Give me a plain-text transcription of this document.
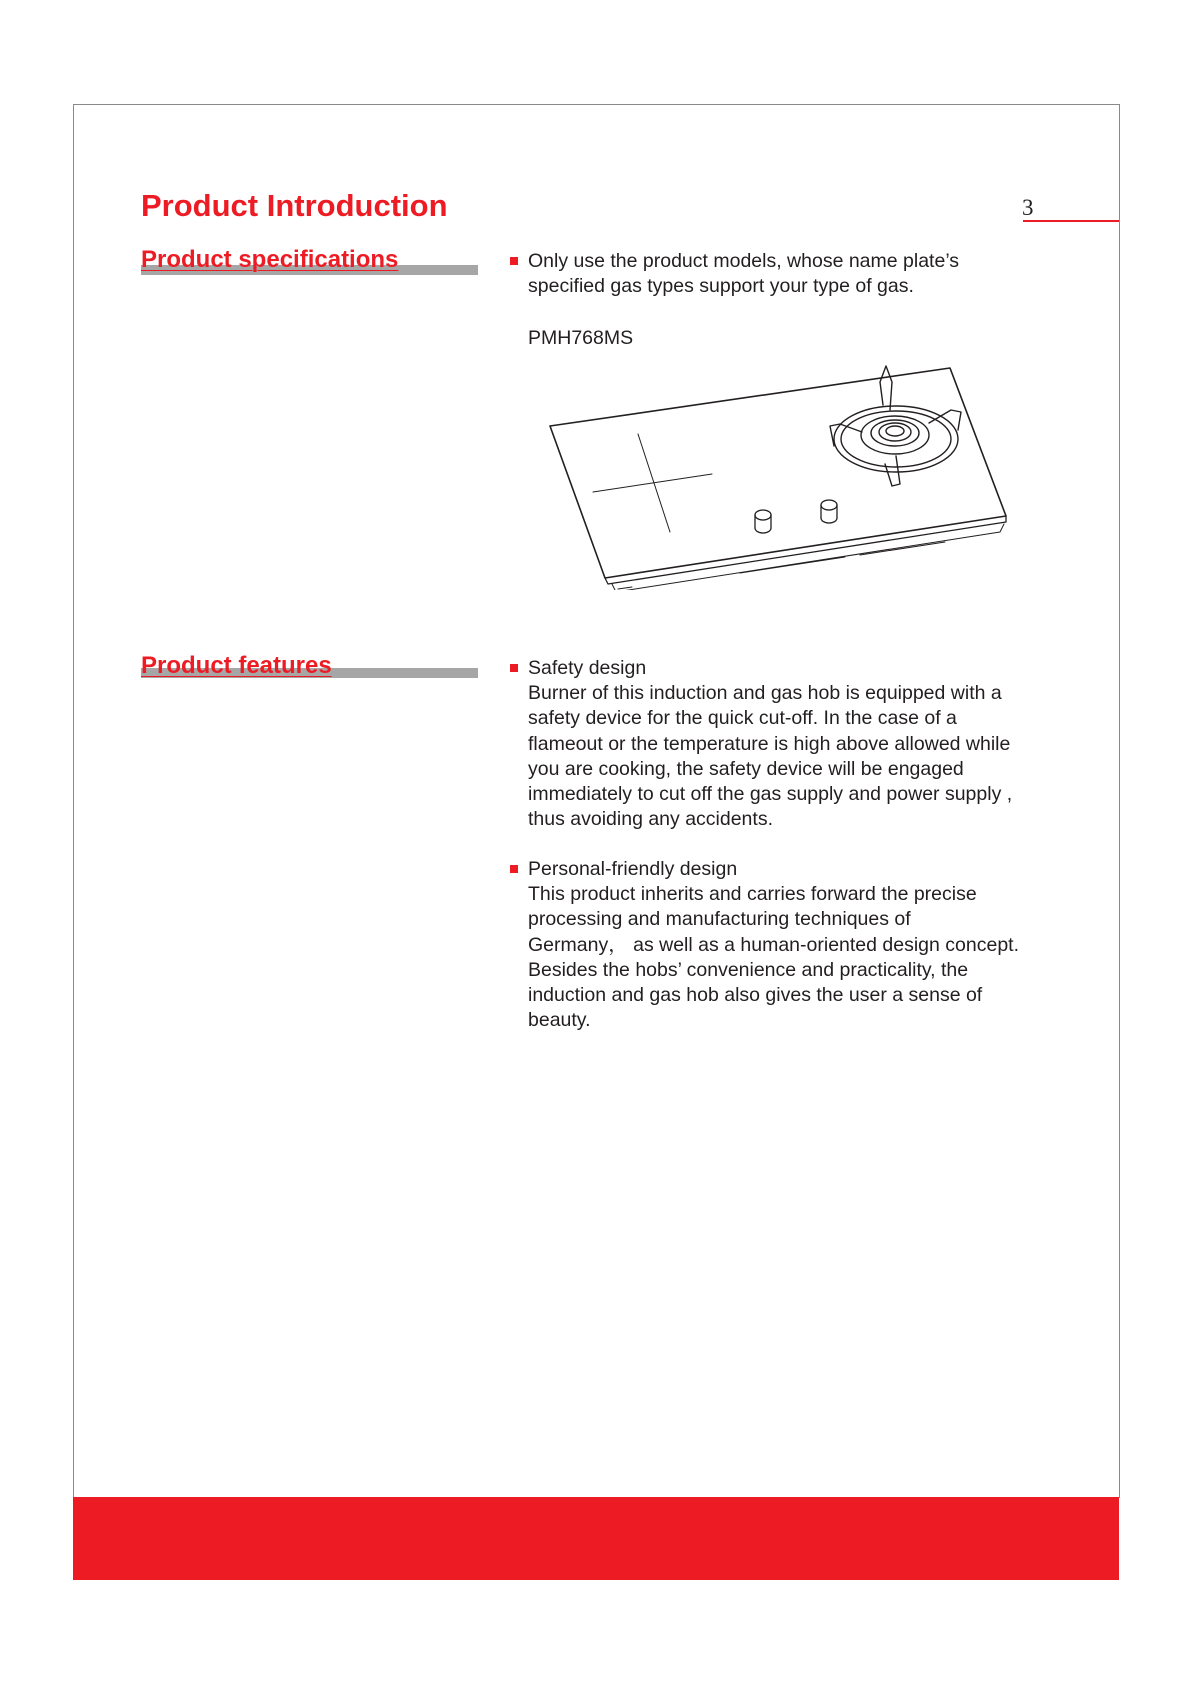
Product Introduction	3
Product specifications	Only use the product models, whose name plate’s
specified gas types support your type of gas.
PMH768MS
Product features	Safety design
Burner of this induction and gas hob is equipped with a
safety device for the quick cut-off. In the case of a
flameout or the temperature is high above allowed while
you are cooking, the safety device will be engaged
immediately to cut off the gas supply and power supply ,
thus avoiding any accidents.
Personal-friendly design
This product inherits and carries forward the precise
processing and manufacturing techniques of
Germany， as well as a human-oriented design concept.
Besides the hobs’ convenience and practicality, the
induction and gas hob also gives the user a sense of
beauty.
